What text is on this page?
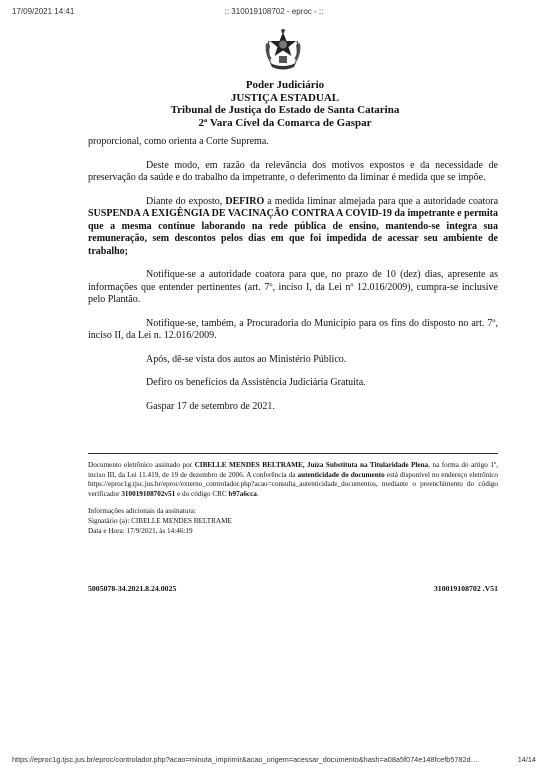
17/09/2021 14:41	:: 310019108702 - eproc - ::
Poder Judiciário
JUSTIÇA ESTADUAL
Tribunal de Justiça do Estado de Santa Catarina
2ª Vara Cível da Comarca de Gaspar

proporcional, como orienta a Corte Suprema.

Deste modo, em razão da relevância dos motivos expostos e da necessidade de preservação da saúde e do trabalho da impetrante, o deferimento da liminar é medida que se impõe.

Diante do exposto, DEFIRO a medida liminar almejada para que a autoridade coatora SUSPENDA A EXIGÊNGIA DE VACINAÇÃO CONTRA A COVID-19 da impetrante e permita que a mesma continue laborando na rede pública de ensino, mantendo-se integra sua remuneração, sem descontos pelos dias em que foi impedida de acessar seu ambiente de trabalho;

Notifique-se a autoridade coatora para que, no prazo de 10 (dez) dias, apresente as informações que entender pertinentes (art. 7º, inciso I, da Lei nº 12.016/2009), cumpra-se inclusive pelo Plantão.

Notifique-se, também, a Procuradoria do Município para os fins do disposto no art. 7º, inciso II, da Lei n. 12.016/2009.

Após, dê-se vista dos autos ao Ministério Público.

Defiro os benefícios da Assistência Judiciária Gratuita.

Gaspar 17 de setembro de 2021.

Documento eletrônico assinado por CIBELLE MENDES BELTRAME, Juíza Substituta na Titularidade Plena, na forma do artigo 1º, inciso III, da Lei 11.419, de 19 de dezembro de 2006. A conferência da autenticidade do documento está disponível no endereço eletrônico https://eproc1g.tjsc.jus.br/eproc/externo_controlador.php?acao=consulta_autenticidade_documentos, mediante o preenchimento do código verificador 310019108702v51 e do código CRC b97a6cca.
Informações adicionais da assinatura:
Signatário (a): CIBELLE MENDES BELTRAME
Data e Hora: 17/9/2021, às 14:46:19
5005078-34.2021.8.24.0025	310019108702 .V51
https://eproc1g.tjsc.jus.br/eproc/controlador.php?acao=minuta_imprimir&acao_origem=acessar_documento&hash=a08a5f074e148fcefb5782d…	14/14
